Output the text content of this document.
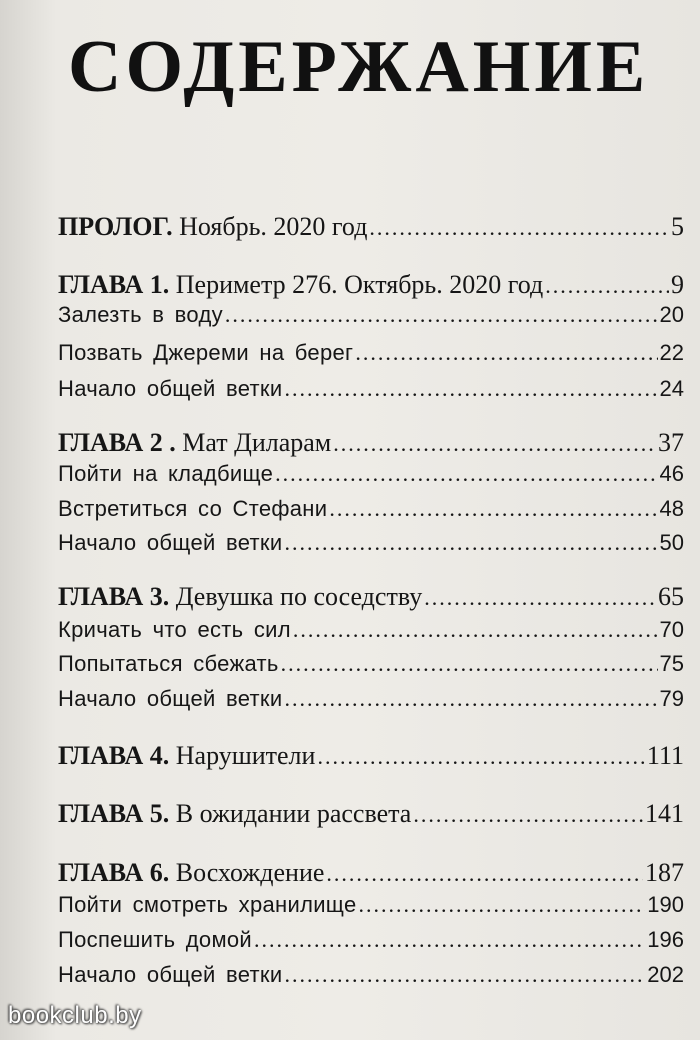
СОДЕРЖАНИЕ
ПРОЛОГ. Ноябрь. 2020 год .....	5
ГЛАВА 1. Периметр 276. Октябрь. 2020 год .....	9
Залезть в воду .....	20
Позвать Джереми на берег .....	22
Начало общей ветки .....	24
ГЛАВА 2 . Мат Диларам .....	37
Пойти на кладбище .....	46
Встретиться со Стефани .....	48
Начало общей ветки .....	50
ГЛАВА 3. Девушка по соседству .....	65
Кричать что есть сил .....	70
Попытаться сбежать .....	75
Начало общей ветки .....	79
ГЛАВА 4. Нарушители .....	111
ГЛАВА 5. В ожидании рассвета .....	141
ГЛАВА 6. Восхождение .....	187
Пойти смотреть хранилище .....	190
Поспешить домой .....	196
Начало общей ветки .....	202
bookclub.by
